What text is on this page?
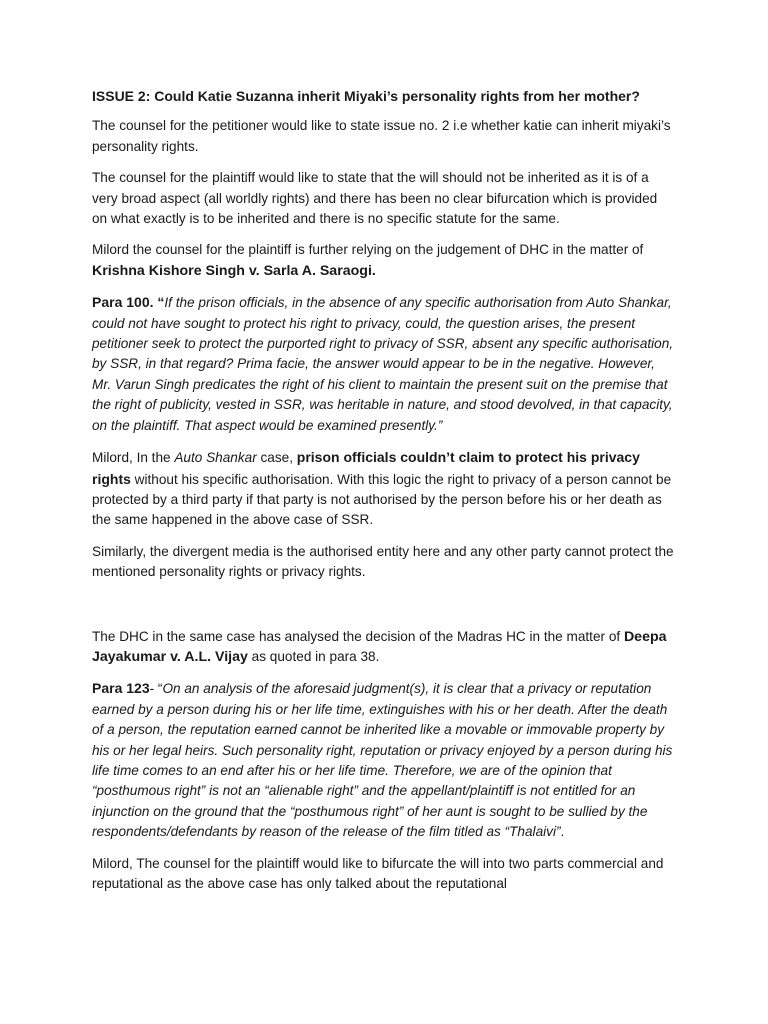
ISSUE 2: Could Katie Suzanna inherit Miyaki’s personality rights from her mother?

The counsel for the petitioner would like to state issue no. 2 i.e whether katie can inherit miyaki’s personality rights.

The counsel for the plaintiff would like to state that the will should not be inherited as it is of a very broad aspect (all worldly rights) and there has been no clear bifurcation which is provided on what exactly is to be inherited and there is no specific statute for the same.

Milord the counsel for the plaintiff is further relying on the judgement of DHC in the matter of Krishna Kishore Singh v. Sarla A. Saraogi.

Para 100. “If the prison officials, in the absence of any specific authorisation from Auto Shankar, could not have sought to protect his right to privacy, could, the question arises, the present petitioner seek to protect the purported right to privacy of SSR, absent any specific authorisation, by SSR, in that regard? Prima facie, the answer would appear to be in the negative. However, Mr. Varun Singh predicates the right of his client to maintain the present suit on the premise that the right of publicity, vested in SSR, was heritable in nature, and stood devolved, in that capacity, on the plaintiff. That aspect would be examined presently.”

Milord, In the Auto Shankar case, prison officials couldn’t claim to protect his privacy rights without his specific authorisation. With this logic the right to privacy of a person cannot be protected by a third party if that party is not authorised by the person before his or her death as the same happened in the above case of SSR.

Similarly, the divergent media is the authorised entity here and any other party cannot protect the mentioned personality rights or privacy rights.

The DHC in the same case has analysed the decision of the Madras HC in the matter of Deepa Jayakumar v. A.L. Vijay as quoted in para 38.

Para 123- “On an analysis of the aforesaid judgment(s), it is clear that a privacy or reputation earned by a person during his or her life time, extinguishes with his or her death. After the death of a person, the reputation earned cannot be inherited like a movable or immovable property by his or her legal heirs. Such personality right, reputation or privacy enjoyed by a person during his life time comes to an end after his or her life time. Therefore, we are of the opinion that “posthumous right” is not an “alienable right” and the appellant/plaintiff is not entitled for an injunction on the ground that the “posthumous right” of her aunt is sought to be sullied by the respondents/defendants by reason of the release of the film titled as “Thalaivi”.

Milord, The counsel for the plaintiff would like to bifurcate the will into two parts commercial and reputational as the above case has only talked about the reputational
